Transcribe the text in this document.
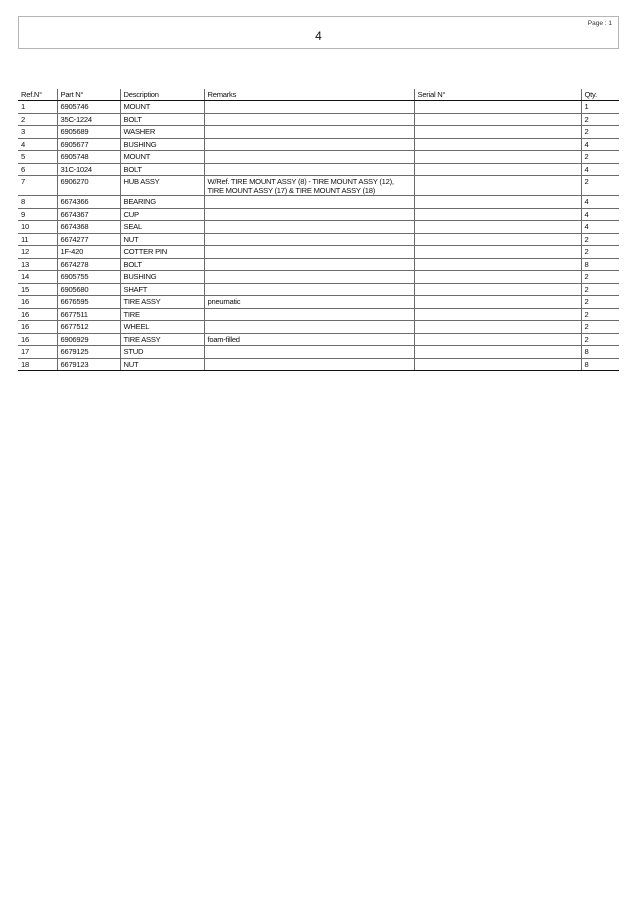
Page : 1
4
Ref.N°	Part N°	Description	Remarks	Serial N°	Qty.
1	6905746	MOUNT			1
2	35C-1224	BOLT			2
3	6905689	WASHER			2
4	6905677	BUSHING			4
5	6905748	MOUNT			2
6	31C-1024	BOLT			4
7	6906270	HUB ASSY	W/Ref. TIRE MOUNT ASSY (8) - TIRE MOUNT ASSY (12), TIRE MOUNT ASSY (17) & TIRE MOUNT ASSY (18)		2
8	6674366	BEARING			4
9	6674367	CUP			4
10	6674368	SEAL			4
11	6674277	NUT			2
12	1F-420	COTTER PIN			2
13	6674278	BOLT			8
14	6905755	BUSHING			2
15	6905680	SHAFT			2
16	6676595	TIRE ASSY	pneumatic		2
16	6677511	TIRE			2
16	6677512	WHEEL			2
16	6906929	TIRE ASSY	foam-filled		2
17	6679125	STUD			8
18	6679123	NUT			8
